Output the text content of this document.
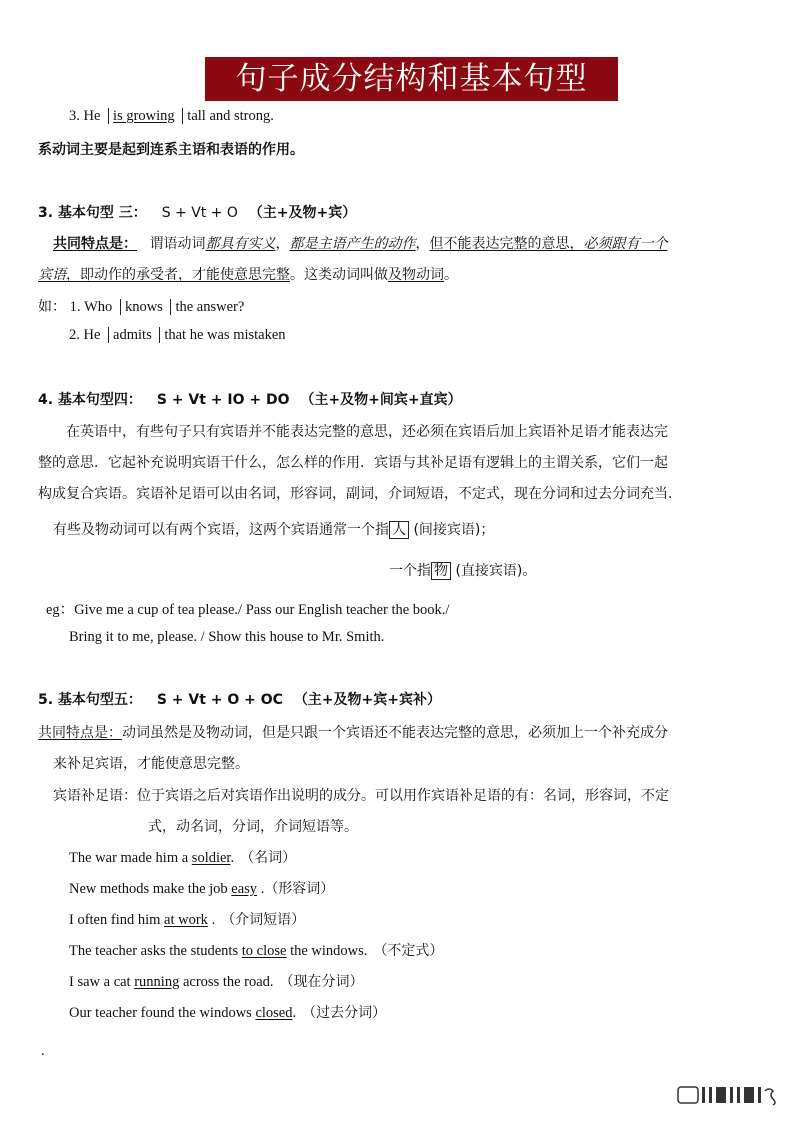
句子成分结构和基本句型
3. He is growing tall and strong.
系动词主要是起到连系主语和表语的作用。
3. 基本句型 三： S + Vt + O （主+及物+宾）
共同特点是： 谓语动词都具有实义，都是主语产生的动作，但不能表达完整的意思，必须跟有一个
宾语，即动作的承受者，才能使意思完整。这类动词叫做及物动词。
如： 1. Who knows the answer?
2. He admits that he was mistaken
4. 基本句型四： S + Vt + IO + DO （主+及物+间宾+直宾）
在英语中，有些句子只有宾语并不能表达完整的意思，还必须在宾语后加上宾语补足语才能表达完
整的意思．它起补充说明宾语干什么，怎么样的作用．宾语与其补足语有逻辑上的主谓关系，它们一起
构成复合宾语。宾语补足语可以由名词，形容词，副词，介词短语，不定式，现在分词和过去分词充当．
有些及物动词可以有两个宾语，这两个宾语通常一个指 人 (间接宾语)；
一个指 物 (直接宾语)。
eg：Give me a cup of tea please./ Pass our English teacher the book./
Bring it to me, please. / Show this house to Mr. Smith.
5. 基本句型五： S + Vt + O + OC （主+及物+宾+宾补）
共同特点是：动词虽然是及物动词，但是只跟一个宾语还不能表达完整的意思，必须加上一个补充成分
来补足宾语，才能使意思完整。
宾语补足语：位于宾语之后对宾语作出说明的成分。可以用作宾语补足语的有：名词，形容词，不定
式，动名词，分词，介词短语等。
The war made him a soldier. （名词）
New methods make the job easy .（形容词）
I often find him at work . （介词短语）
The teacher asks the students to close the windows. （不定式）
I saw a cat running across the road. （现在分词）
Our teacher found the windows closed. （过去分词）
.
